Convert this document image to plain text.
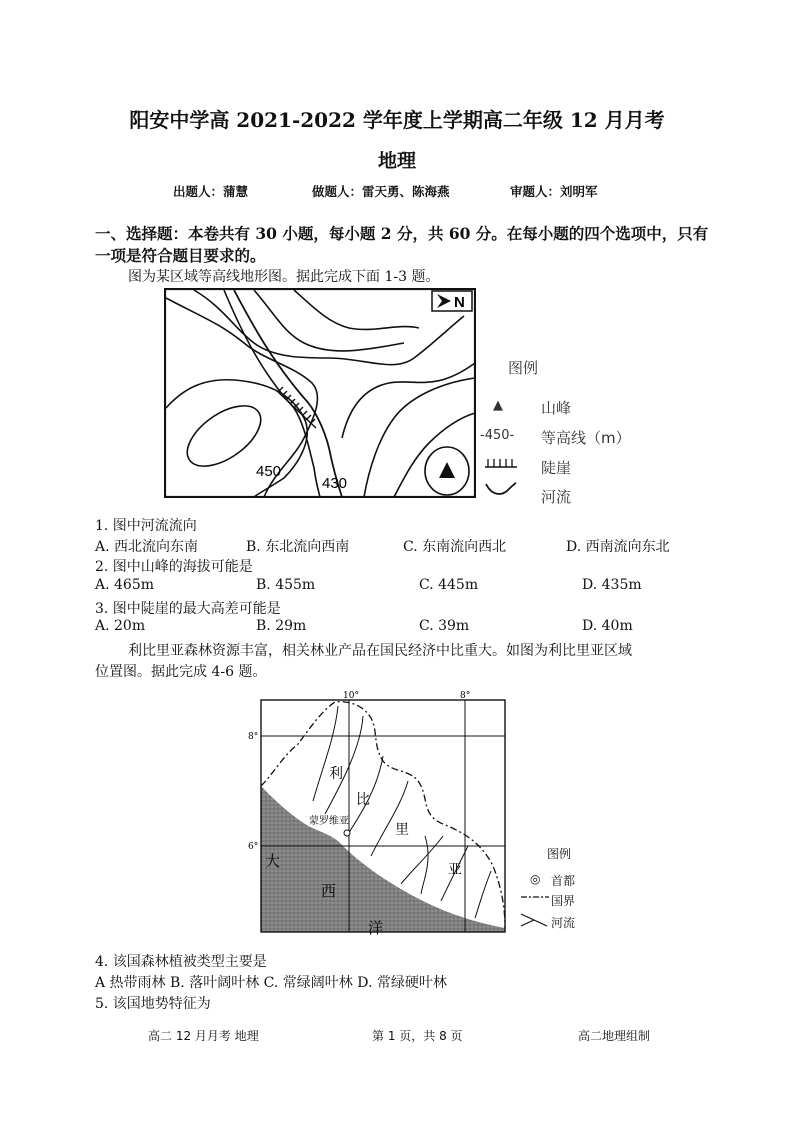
阳安中学高 2021-2022 学年度上学期高二年级 12 月月考
地理
出题人：蒲慧	做题人：雷天勇、陈海燕	审题人：刘明军
一、选择题：本卷共有 30 小题，每小题 2 分，共 60 分。在每小题的四个选项中，只有
一项是符合题目要求的。
图为某区域等高线地形图。据此完成下面 1-3 题。
N
450
430
图例
▲	山峰
-450- 等高线（m）
陡崖
河流
1. 图中河流流向
A. 西北流向东南	B. 东北流向西南	C. 东南流向西北	D. 西南流向东北
2. 图中山峰的海拔可能是
A. 465m	B. 455m	C. 445m	D. 435m
3. 图中陡崖的最大高差可能是
A. 20m	B. 29m	C. 39m	D. 40m
利比里亚森林资源丰富，相关林业产品在国民经济中比重大。如图为利比里亚区域
位置图。据此完成 4-6 题。
蒙罗维亚
利
比
里
亚
大
西
洋
10°	8°
8°
6°	图例
◎ 首都
国界
河流
4. 该国森林植被类型主要是
A 热带雨林 B. 落叶阔叶林 C. 常绿阔叶林 D. 常绿硬叶林
5. 该国地势特征为
高二 12 月月考 地理	第 1 页，共 8 页	高二地理组制
